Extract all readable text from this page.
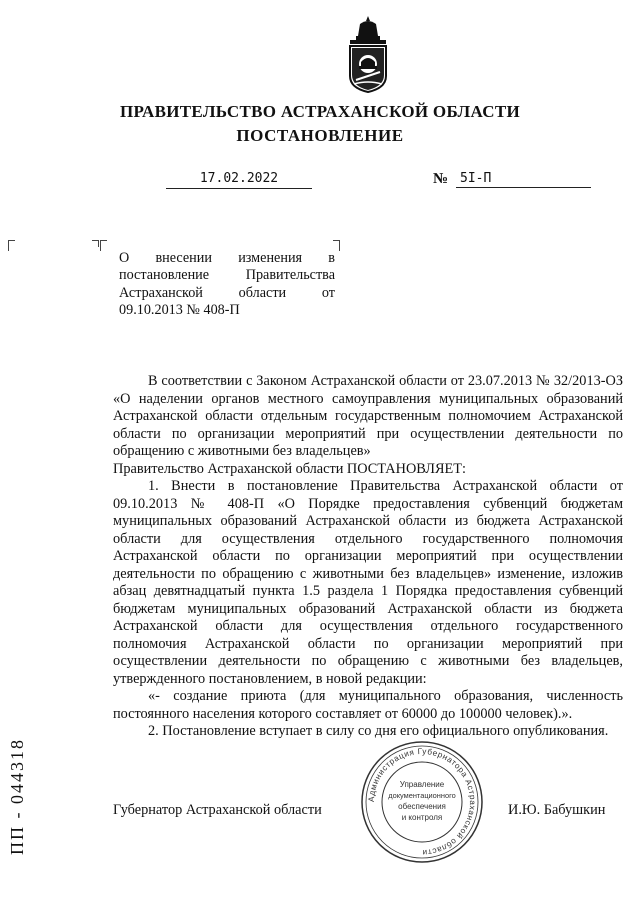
ПРАВИТЕЛЬСТВО АСТРАХАНСКОЙ ОБЛАСТИ
ПОСТАНОВЛЕНИЕ
17.02.2022	№ 5I-П

О внесении изменения в постановление Правительства Астраханской области от 09.10.2013 № 408-П

В соответствии с Законом Астраханской области от 23.07.2013 № 32/2013-ОЗ «О наделении органов местного самоуправления муниципальных образований Астраханской области отдельным государственным полномочием Астраханской области по организации мероприятий при осуществлении деятельности по обращению с животными без владельцев»

Правительство Астраханской области ПОСТАНОВЛЯЕТ:

1. Внести в постановление Правительства Астраханской области от 09.10.2013 № 408-П «О Порядке предоставления субвенций бюджетам муниципальных образований Астраханской области из бюджета Астраханской области для осуществления отдельного государственного полномочия Астраханской области по организации мероприятий при осуществлении деятельности по обращению с животными без владельцев» изменение, изложив абзац девятнадцатый пункта 1.5 раздела 1 Порядка предоставления субвенций бюджетам муниципальных образований Астраханской области из бюджета Астраханской области для осуществления отдельного государственного полномочия Астраханской области по организации мероприятий при осуществлении деятельности по обращению с животными без владельцев, утвержденного постановлением, в новой редакции:

«- создание приюта (для муниципального образования, численность постоянного населения которого составляет от 60000 до 100000 человек).».

2. Постановление вступает в силу со дня его официального опубликования.

ПП - 044318	Губернатор Астраханской области	И.Ю. Бабушкин
Администрация Губернатора Астраханской области
Управление
документационного
обеспечения
и контроля
